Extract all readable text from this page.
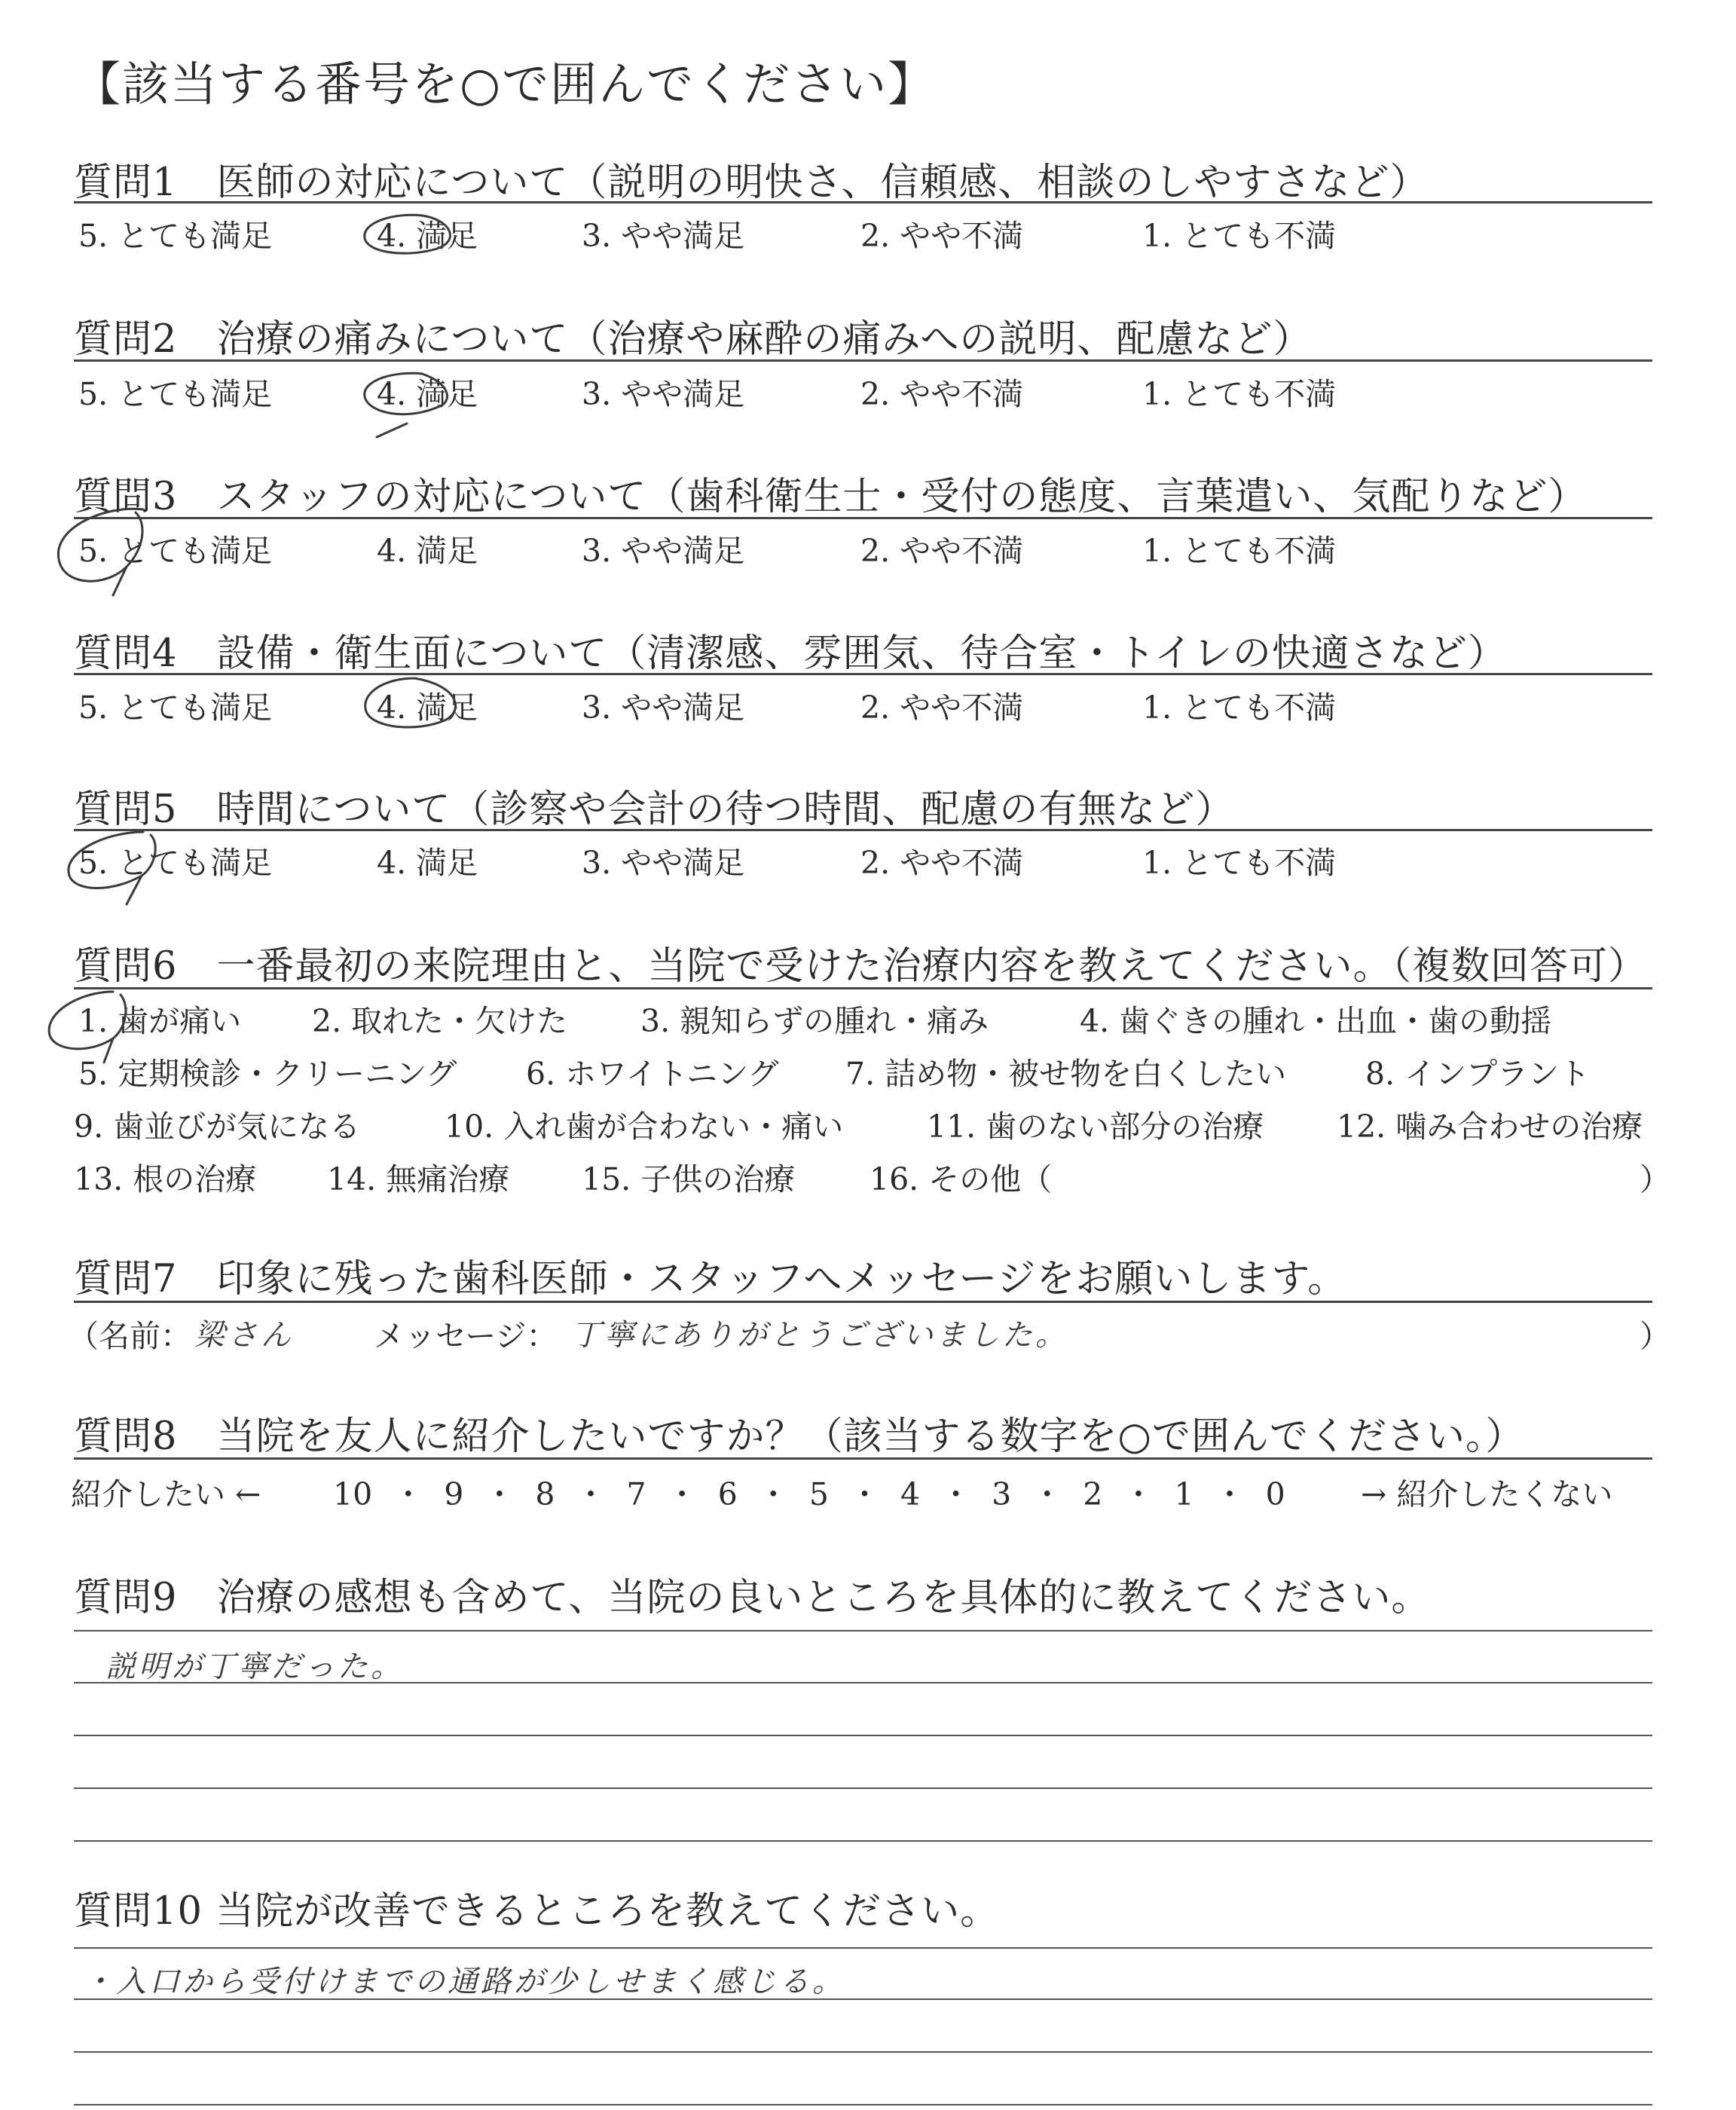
【該当する番号を○で囲んでください】
質問1　医師の対応について（説明の明快さ、信頼感、相談のしやすさなど）
5. とても満足	4. 満足	3. やや満足	2. やや不満	1. とても不満
質問2　治療の痛みについて（治療や麻酔の痛みへの説明、配慮など）
5. とても満足	4. 満足	3. やや満足	2. やや不満	1. とても不満
質問3　スタッフの対応について（歯科衛生士・受付の態度、言葉遣い、気配りなど）
5. とても満足	4. 満足	3. やや満足	2. やや不満	1. とても不満
質問4　設備・衛生面について（清潔感、雰囲気、待合室・トイレの快適さなど）
5. とても満足	4. 満足	3. やや満足	2. やや不満	1. とても不満
質問5　時間について（診察や会計の待つ時間、配慮の有無など）
5. とても満足	4. 満足	3. やや満足	2. やや不満	1. とても不満
質問6　一番最初の来院理由と、当院で受けた治療内容を教えてください。（複数回答可）
1. 歯が痛い 2. 取れた・欠けた 3. 親知らずの腫れ・痛み	4. 歯ぐきの腫れ・出血・歯の動揺
5. 定期検診・クリーニング 6. ホワイトニング 7. 詰め物・被せ物を白くしたい	8. インプラント
9. 歯並びが気になる	10. 入れ歯が合わない・痛い	11. 歯のない部分の治療 12. 噛み合わせの治療
13. 根の治療 14. 無痛治療 15. 子供の治療 16. その他（	）
質問7　印象に残った歯科医師・スタッフへメッセージをお願いします。
（名前： 梁さん	メッセージ： 丁寧にありがとうございました。	）
質問8　当院を友人に紹介したいですか？（該当する数字を○で囲んでください。）
紹介したい ← 10 ・ 9 ・ 8 ・ 7 ・ 6 ・ 5 ・ 4 ・ 3 ・ 2 ・ 1 ・ 0 → 紹介したくない
質問9　治療の感想も含めて、当院の良いところを具体的に教えてください。
説明が丁寧だった。
質問10 当院が改善できるところを教えてください。
・入口から受付けまでの通路が少しせまく感じる。
